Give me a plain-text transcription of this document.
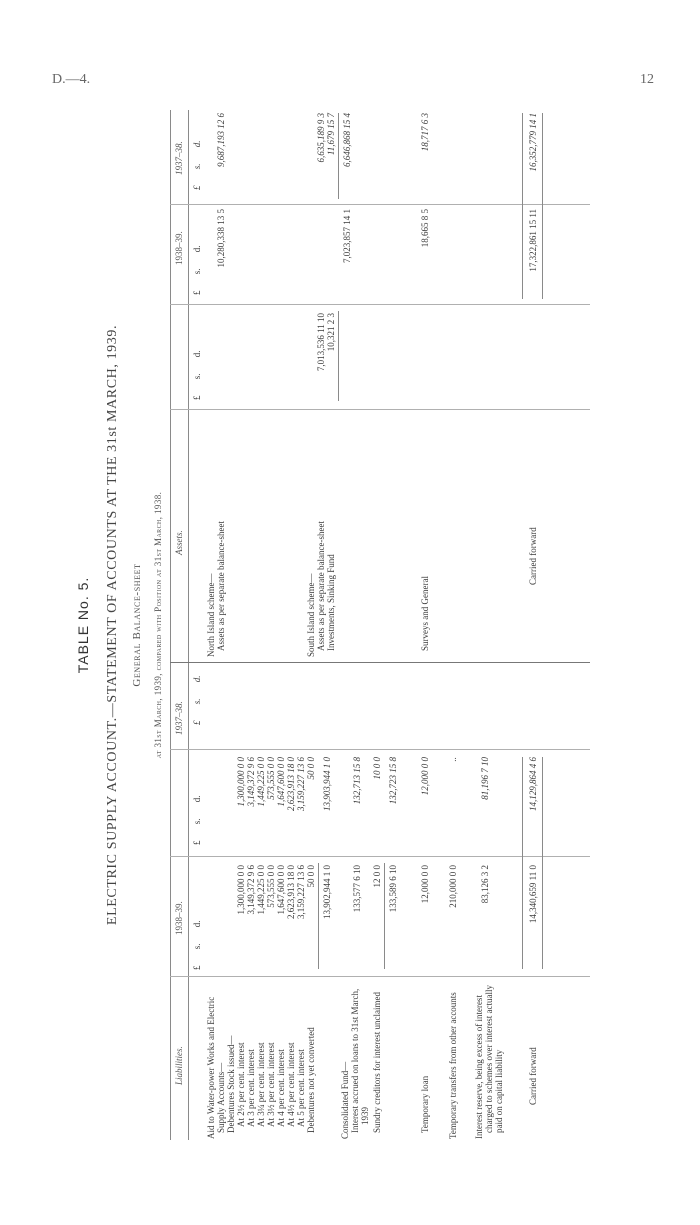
D.—4.	12
TABLE No. 5. ELECTRIC SUPPLY ACCOUNT.—STATEMENT OF ACCOUNTS AT THE 31st MARCH, 1939. General Balance-sheet at 31st March, 1939, compared with Position at 31st March, 1938.
Liabilities.
1938–39.
1937–38.
Assets.
1938–39.
1937–38.
£ s. d.
£ s. d.
£ s. d.
£ s. d.
£ s. d.
£ s. d.
Aid to Water-power Works and Electric Supply Accounts— Debentures Stock issued— At 2½ per cent. interest
1,300,000 0 0
1,300,000 0 0
At 3 per cent. interest
3,149,372 9 6
3,149,372 9 6
At 3¼ per cent. interest
1,449,225 0 0
1,449,225 0 0
At 3½ per cent. interest
573,555 0 0
573,555 0 0
At 4 per cent. interest
1,647,600 0 0
1,647,600 0 0
At 4½ per cent. interest
2,623,913 18 0
2,623,913 18 0
At 5 per cent. interest
3,159,227 13 6
3,159,227 13 6
Debentures not yet converted
50 0 0
50 0 0
13,902,944 1 0
13,903,944 1 0
Consolidated Fund— Interest accrued on loans to 31st March, 1939
133,577 6 10
132,713 15 8
Sundry creditors for interest unclaimed
12 0 0
10 0 0
133,589 6 10
132,723 15 8
Temporary loan
12,000 0 0
12,000 0 0
Temporary transfers from other accounts
210,000 0 0
..
Interest reserve, being excess of interest charged to schemes over interest actually paid on capital liability
83,126 3 2
81,196 7 10
Carried forward
14,340,659 11 0
14,129,864 4 6
North Island scheme— Assets as per separate balance-sheet
10,280,338 13 5
9,687,193 12 6
South Island scheme— Assets as per separate balance-sheet
7,013,536 11 10
6,635,189 9 3
Investments, Sinking Fund
10,321 2 3
11,679 15 7
7,023,857 14 1
6,646,868 15 4
Surveys and General
18,665 8 5
18,717 6 3
Carried forward
17,322,861 15 11
16,352,779 14 1
